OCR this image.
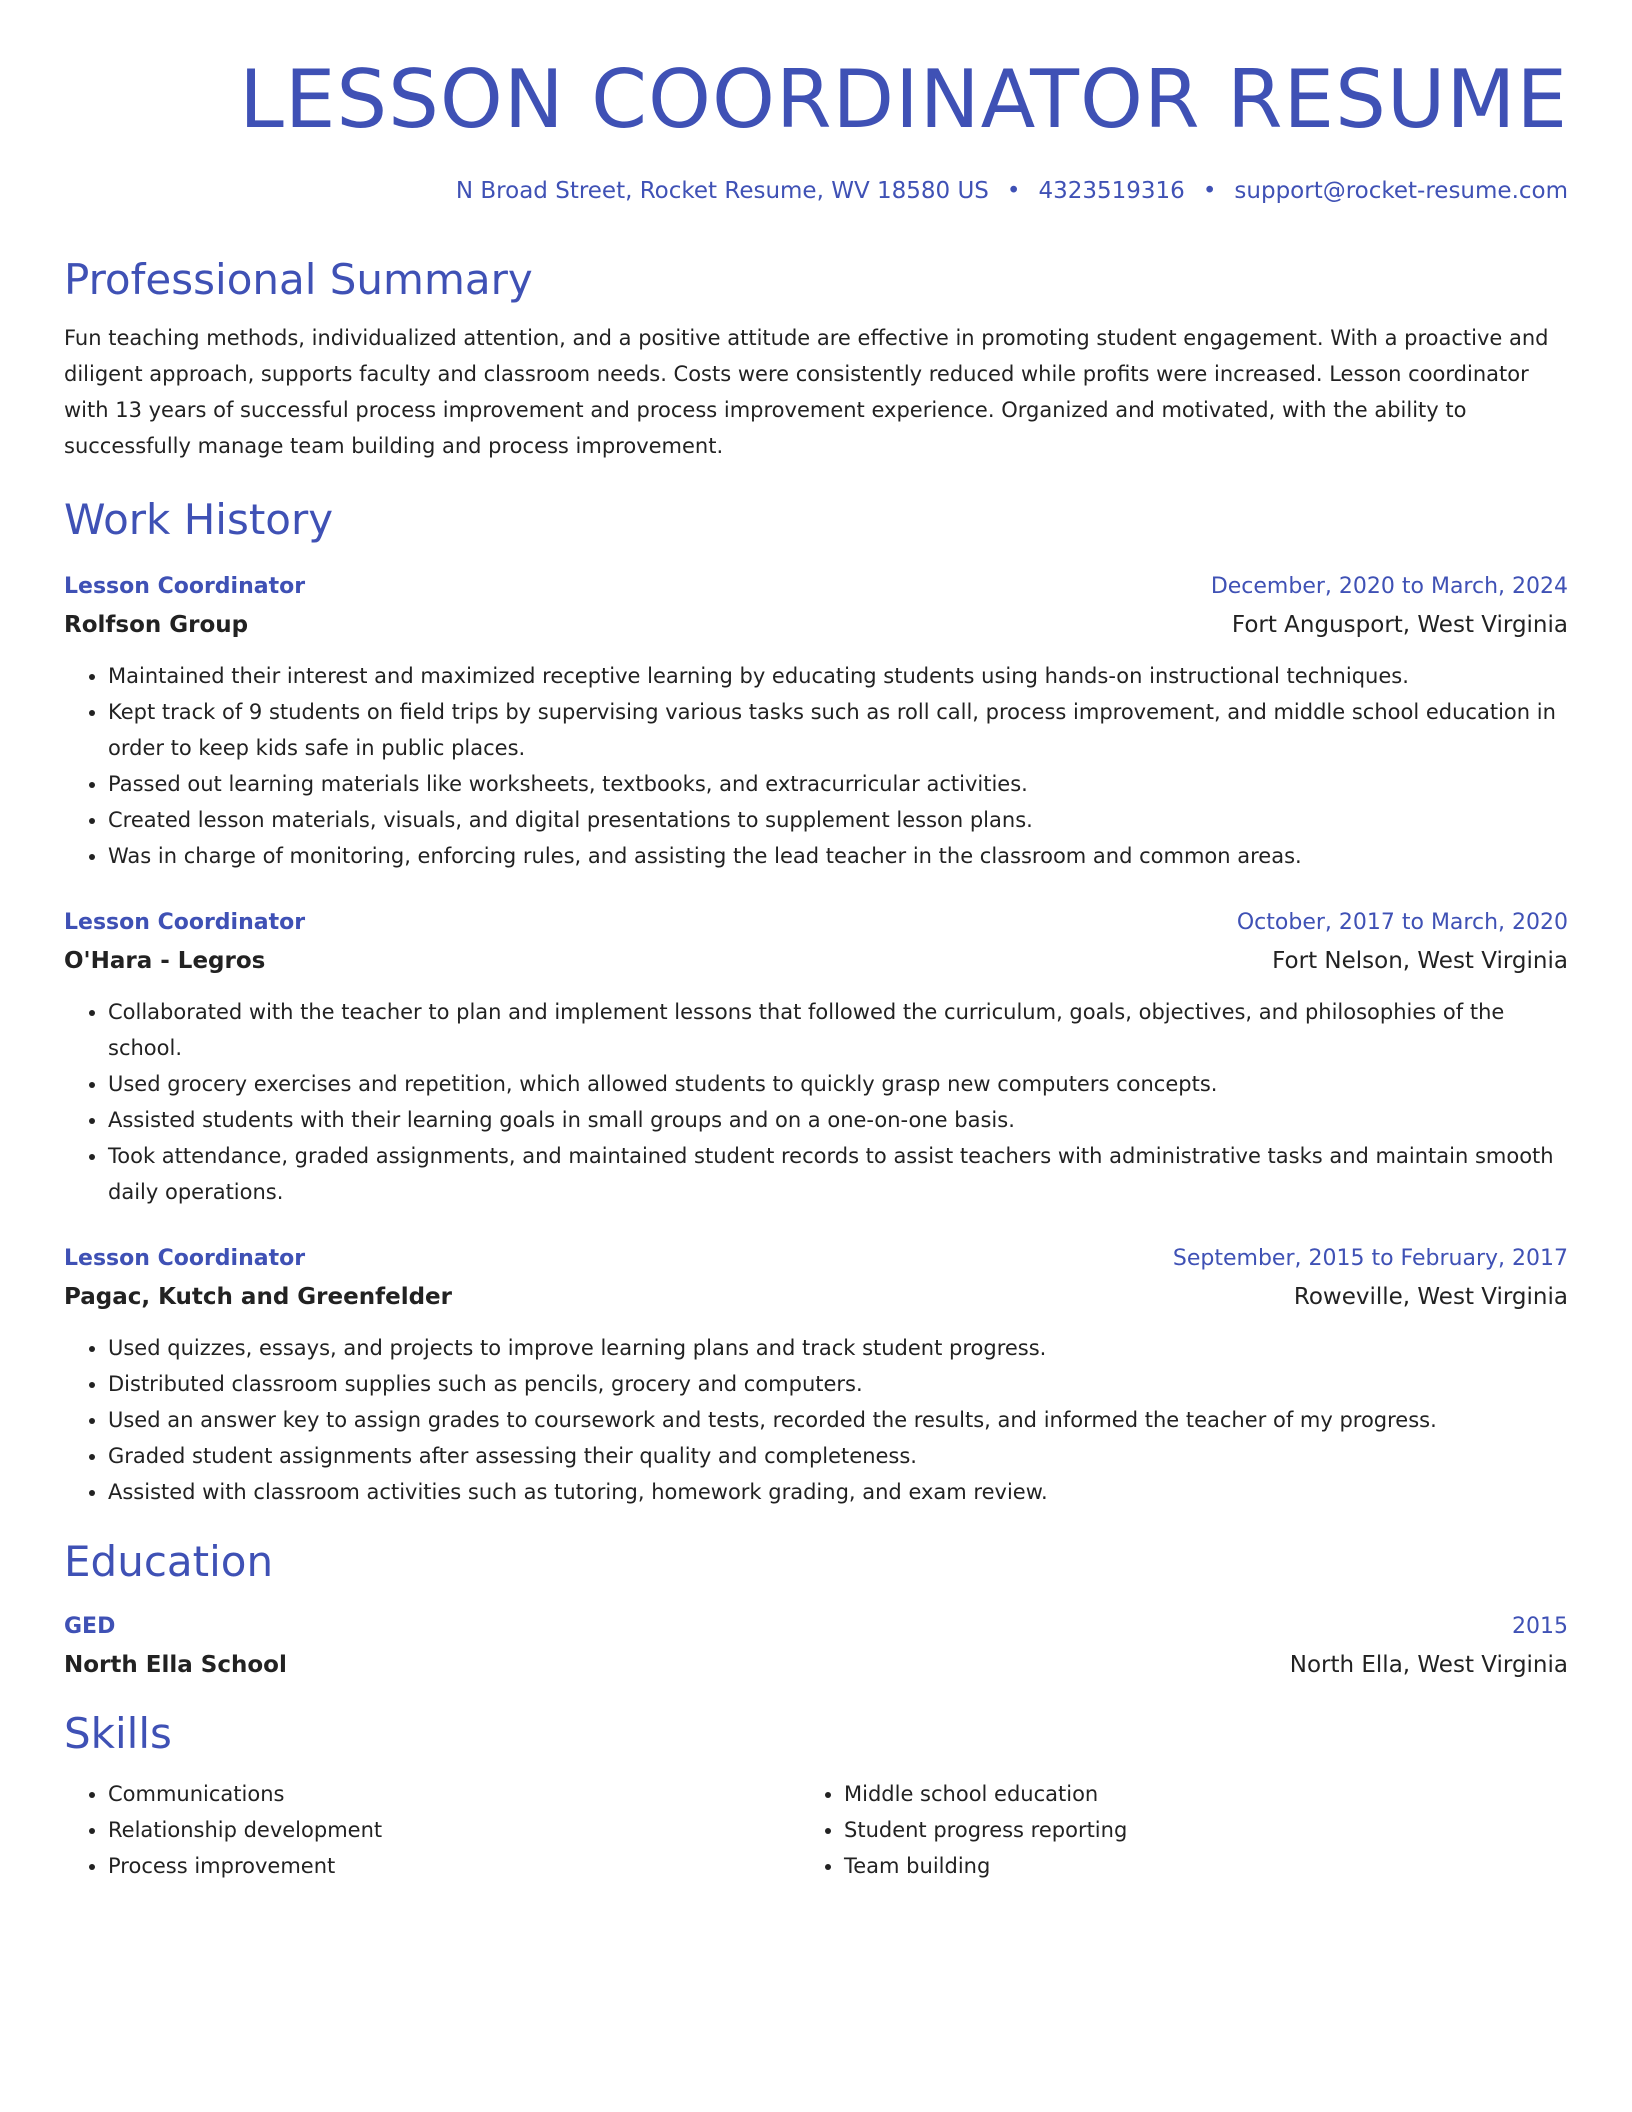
LESSON COORDINATOR RESUME
N Broad Street, Rocket Resume, WV 18580 US • 4323519316 • support@rocket-resume.com
Professional Summary
Fun teaching methods, individualized attention, and a positive attitude are effective in promoting student engagement. With a proactive and diligent approach, supports faculty and classroom needs. Costs were consistently reduced while profits were increased. Lesson coordinator with 13 years of successful process improvement and process improvement experience. Organized and motivated, with the ability to successfully manage team building and process improvement.
Work History
Lesson Coordinator	December, 2020 to March, 2024
Rolfson Group	Fort Angusport, West Virginia
• Maintained their interest and maximized receptive learning by educating students using hands-on instructional techniques.
• Kept track of 9 students on field trips by supervising various tasks such as roll call, process improvement, and middle school education in order to keep kids safe in public places.
• Passed out learning materials like worksheets, textbooks, and extracurricular activities.
• Created lesson materials, visuals, and digital presentations to supplement lesson plans.
• Was in charge of monitoring, enforcing rules, and assisting the lead teacher in the classroom and common areas.
Lesson Coordinator	October, 2017 to March, 2020
O'Hara - Legros	Fort Nelson, West Virginia
• Collaborated with the teacher to plan and implement lessons that followed the curriculum, goals, objectives, and philosophies of the school.
• Used grocery exercises and repetition, which allowed students to quickly grasp new computers concepts.
• Assisted students with their learning goals in small groups and on a one-on-one basis.
• Took attendance, graded assignments, and maintained student records to assist teachers with administrative tasks and maintain smooth daily operations.
Lesson Coordinator	September, 2015 to February, 2017
Pagac, Kutch and Greenfelder	Roweville, West Virginia
• Used quizzes, essays, and projects to improve learning plans and track student progress.
• Distributed classroom supplies such as pencils, grocery and computers.
• Used an answer key to assign grades to coursework and tests, recorded the results, and informed the teacher of my progress.
• Graded student assignments after assessing their quality and completeness.
• Assisted with classroom activities such as tutoring, homework grading, and exam review.
Education
GED	2015
North Ella School	North Ella, West Virginia
Skills
• Communications
• Relationship development
• Process improvement
• Middle school education
• Student progress reporting
• Team building
